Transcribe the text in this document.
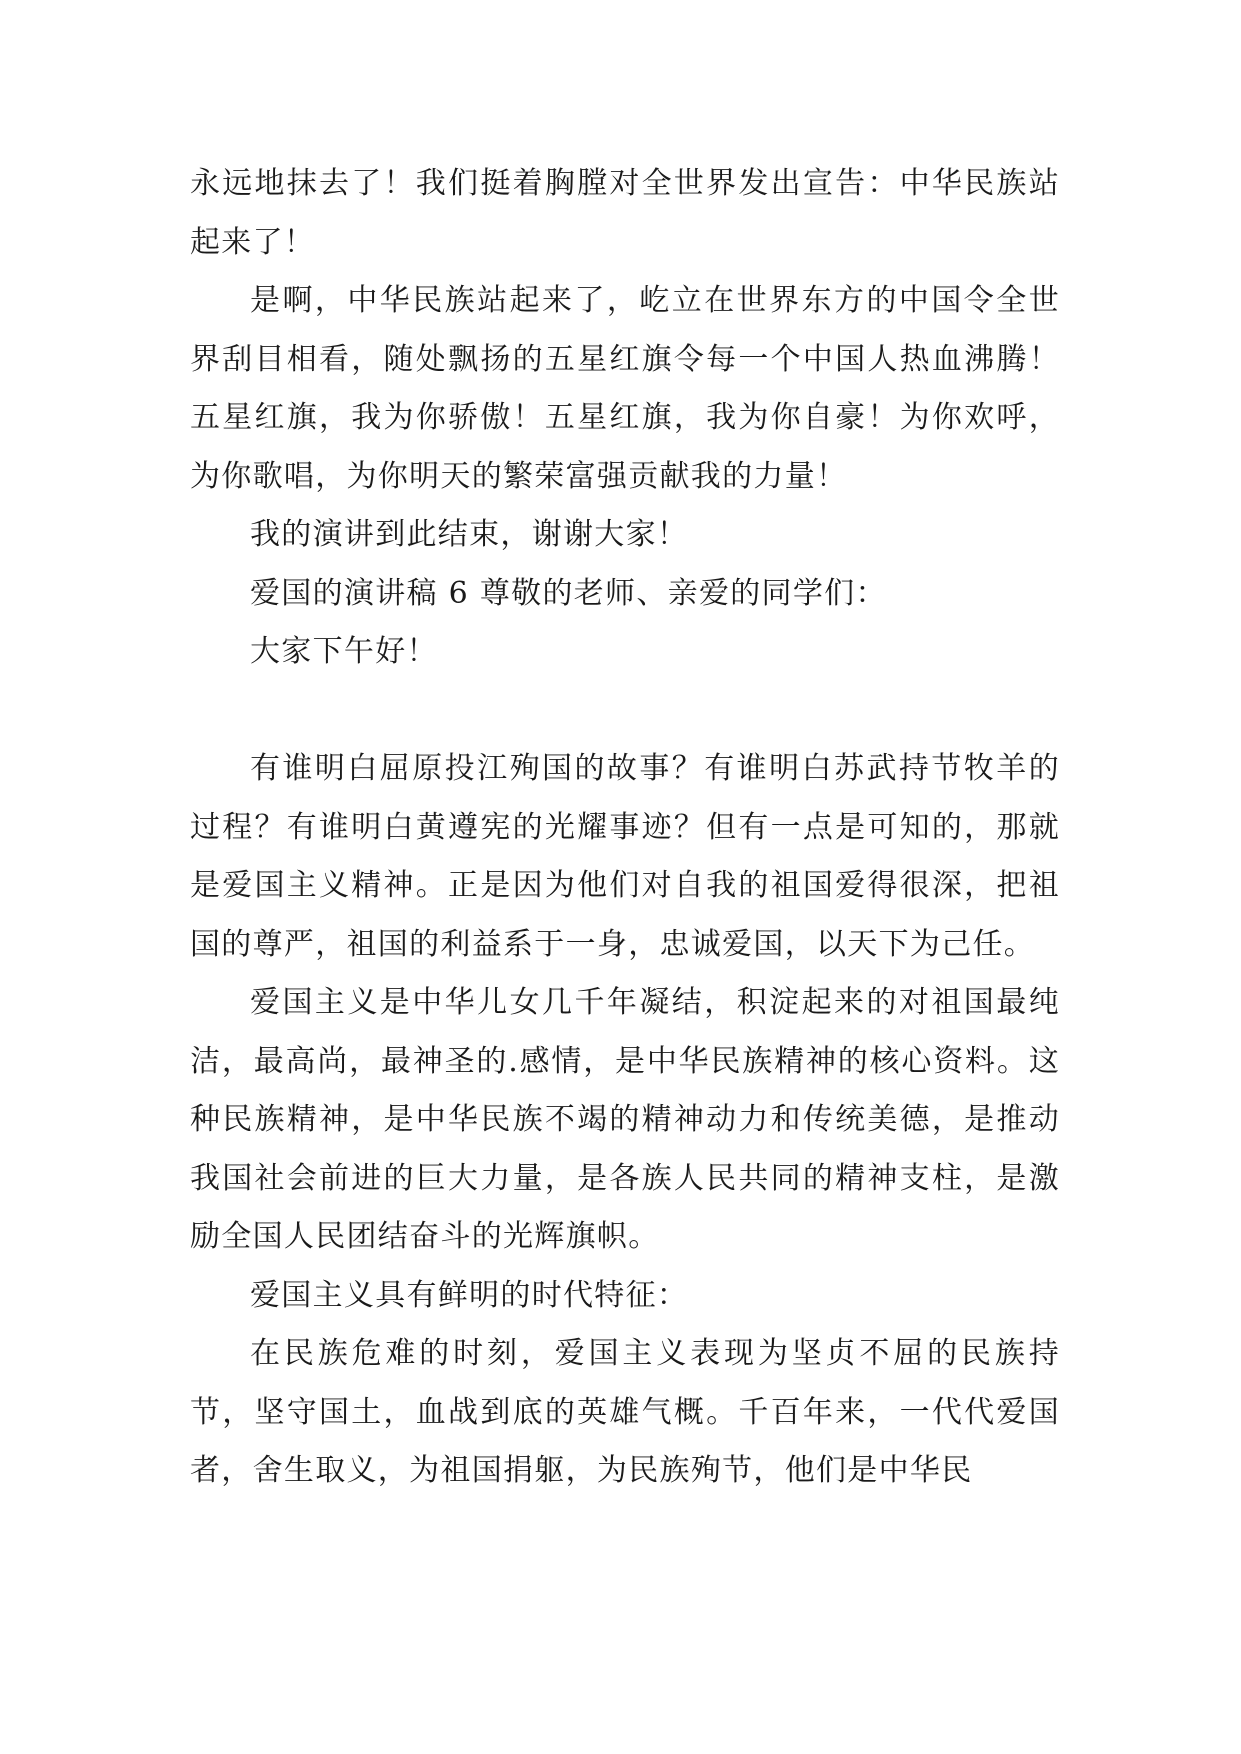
永远地抹去了！我们挺着胸膛对全世界发出宣告：中华民族站起来了！

是啊，中华民族站起来了，屹立在世界东方的中国令全世界刮目相看，随处飘扬的五星红旗令每一个中国人热血沸腾！五星红旗，我为你骄傲！五星红旗，我为你自豪！为你欢呼，为你歌唱，为你明天的繁荣富强贡献我的力量！

我的演讲到此结束，谢谢大家！

爱国的演讲稿 6 尊敬的老师、亲爱的同学们：

大家下午好！

有谁明白屈原投江殉国的故事？有谁明白苏武持节牧羊的过程？有谁明白黄遵宪的光耀事迹？但有一点是可知的，那就是爱国主义精神。正是因为他们对自我的祖国爱得很深，把祖国的尊严，祖国的利益系于一身，忠诚爱国，以天下为己任。

爱国主义是中华儿女几千年凝结，积淀起来的对祖国最纯洁，最高尚，最神圣的.感情，是中华民族精神的核心资料。这种民族精神，是中华民族不竭的精神动力和传统美德，是推动我国社会前进的巨大力量，是各族人民共同的精神支柱，是激励全国人民团结奋斗的光辉旗帜。

爱国主义具有鲜明的时代特征：

在民族危难的时刻，爱国主义表现为坚贞不屈的民族持节，坚守国土，血战到底的英雄气概。千百年来，一代代爱国者，舍生取义，为祖国捐躯，为民族殉节，他们是中华民
